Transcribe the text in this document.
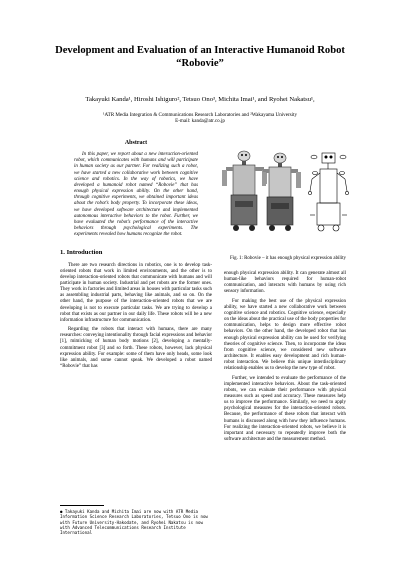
Development and Evaluation of an Interactive Humanoid Robot
“Robovie”
Takayuki Kanda¹, Hiroshi Ishiguro², Tetsuo Ono³, Michita Imai¹, and Ryohei Nakatsu¹,
¹ATR Media Integration & Communications Research Laboratories and ²Wakayama University
E-mail: kanda@atr.co.jp
Abstract

In this paper, we report about a new interaction-oriented robot, which communicates with humans and will participate in human society as our partner. For realizing such a robot, we have started a new collaborative work between cognitive science and robotics. In the way of robotics, we have developed a humanoid robot named “Robovie” that has enough physical expression ability. On the other hand, through cognitive experiments, we obtained important ideas about the robot’s body property. To incorporate these ideas, we have developed software architecture and implemented autonomous interactive behaviors to the robot. Further, we have evaluated the robot’s performance of the interactive behaviors through psychological experiments. The experiments revealed how humans recognize the robot.

1. Introduction

There are two research directions in robotics, one is to develop task-oriented robots that work in limited environments, and the other is to develop interaction-oriented robots that communicate with humans and will participate in human society. Industrial and pet robots are the former ones. They work in factories and limited areas in houses with particular tasks such as assembling industrial parts, behaving like animals, and so on. On the other hand, the purpose of the interaction-oriented robots that we are developing is not to execute particular tasks. We are trying to develop a robot that exists as our partner in our daily life. These robots will be a new information infrastructure for communication.

Regarding the robots that interact with humans, there are many researches: conveying intentionality through facial expressions and behavior [1], mimicking of human body motions [2], developing a mentally-commitment robot [3] and so forth. These robots, however, lack physical expression ability. For example: some of them have only heads, some look like animals, and some cannot speak. We developed a robot named “Robovie” that has

Fig. 1: Robovie – it has enough physical expression ability

enough physical expression ability. It can generate almost all human-like behaviors required for human-robot communication, and interacts with humans by using rich sensory information.

For making the best use of the physical expression ability, we have started a new collaborative work between cognitive science and robotics. Cognitive science, especially on the ideas about the practical use of the body properties for communication, helps to design more effective robot behaviors. On the other hand, the developed robot that has enough physical expression ability can be used for verifying theories of cognitive science. Then, to incorporate the ideas from cognitive science, we considered new software architecture. It enables easy development and rich human-robot interaction. We believe this unique interdisciplinary relationship enables us to develop the new type of robot.

Further, we intended to evaluate the performance of the implemented interactive behaviors. About the task-oriented robots, we can evaluate their performance with physical measures such as speed and accuracy. These measures help us to improve the performance. Similarly, we need to apply psychological measures for the interaction-oriented robots. Because, the performance of these robots that interact with humans is discussed along with how they influence humans. For realizing the interaction-oriented robots, we believe it is important and necessary to repeatedly improve both the software architecture and the measurement method.

● Takayuki Kanda and Michita Imai are now with ATR Media Information Science Research Laboratories, Tetsuo Ono is now with Future University-Hakodate, and Ryohei Nakatsu is now with Advanced Telecommunications Research Institute International
